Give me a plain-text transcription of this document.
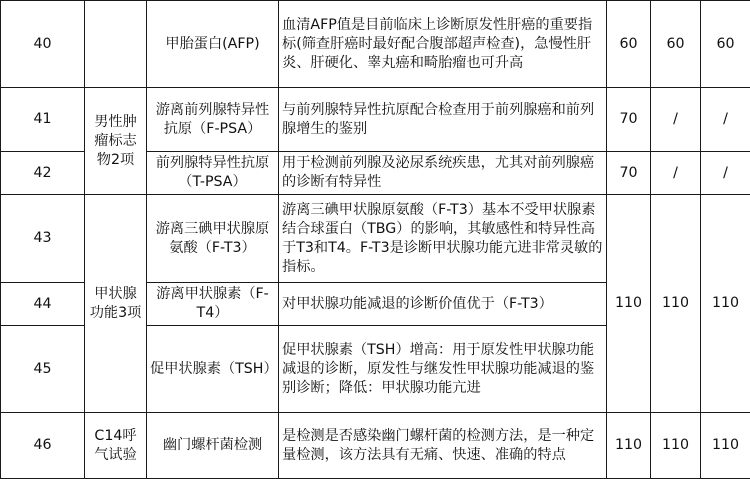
40		甲胎蛋白(AFP)	血清AFP值是目前临床上诊断原发性肝癌的重要指标(筛查肝癌时最好配合腹部超声检查)，急慢性肝炎、肝硬化、睾丸癌和畸胎瘤也可升高	60	60	60
41	男性肿瘤标志物2项	游离前列腺特异性抗原（F-PSA）	与前列腺特异性抗原配合检查用于前列腺癌和前列腺增生的鉴别	70	/	/
42		前列腺特异性抗原（T-PSA）	用于检测前列腺及泌尿系统疾患，尤其对前列腺癌的诊断有特异性	70	/	/
43	甲状腺功能3项	游离三碘甲状腺原氨酸（F-T3）	游离三碘甲状腺原氨酸（F-T3）基本不受甲状腺素结合球蛋白（TBG）的影响，其敏感性和特异性高于T3和T4。F-T3是诊断甲状腺功能亢进非常灵敏的指标。	110	110	110
44		游离甲状腺素（F-T4）	对甲状腺功能减退的诊断价值优于（F-T3）			
45		促甲状腺素（TSH）	促甲状腺素（TSH）增高：用于原发性甲状腺功能减退的诊断，原发性与继发性甲状腺功能减退的鉴别诊断；降低：甲状腺功能亢进			
46	C14呼气试验	幽门螺杆菌检测	是检测是否感染幽门螺杆菌的检测方法，是一种定量检测，该方法具有无痛、快速、准确的特点	110	110	110
